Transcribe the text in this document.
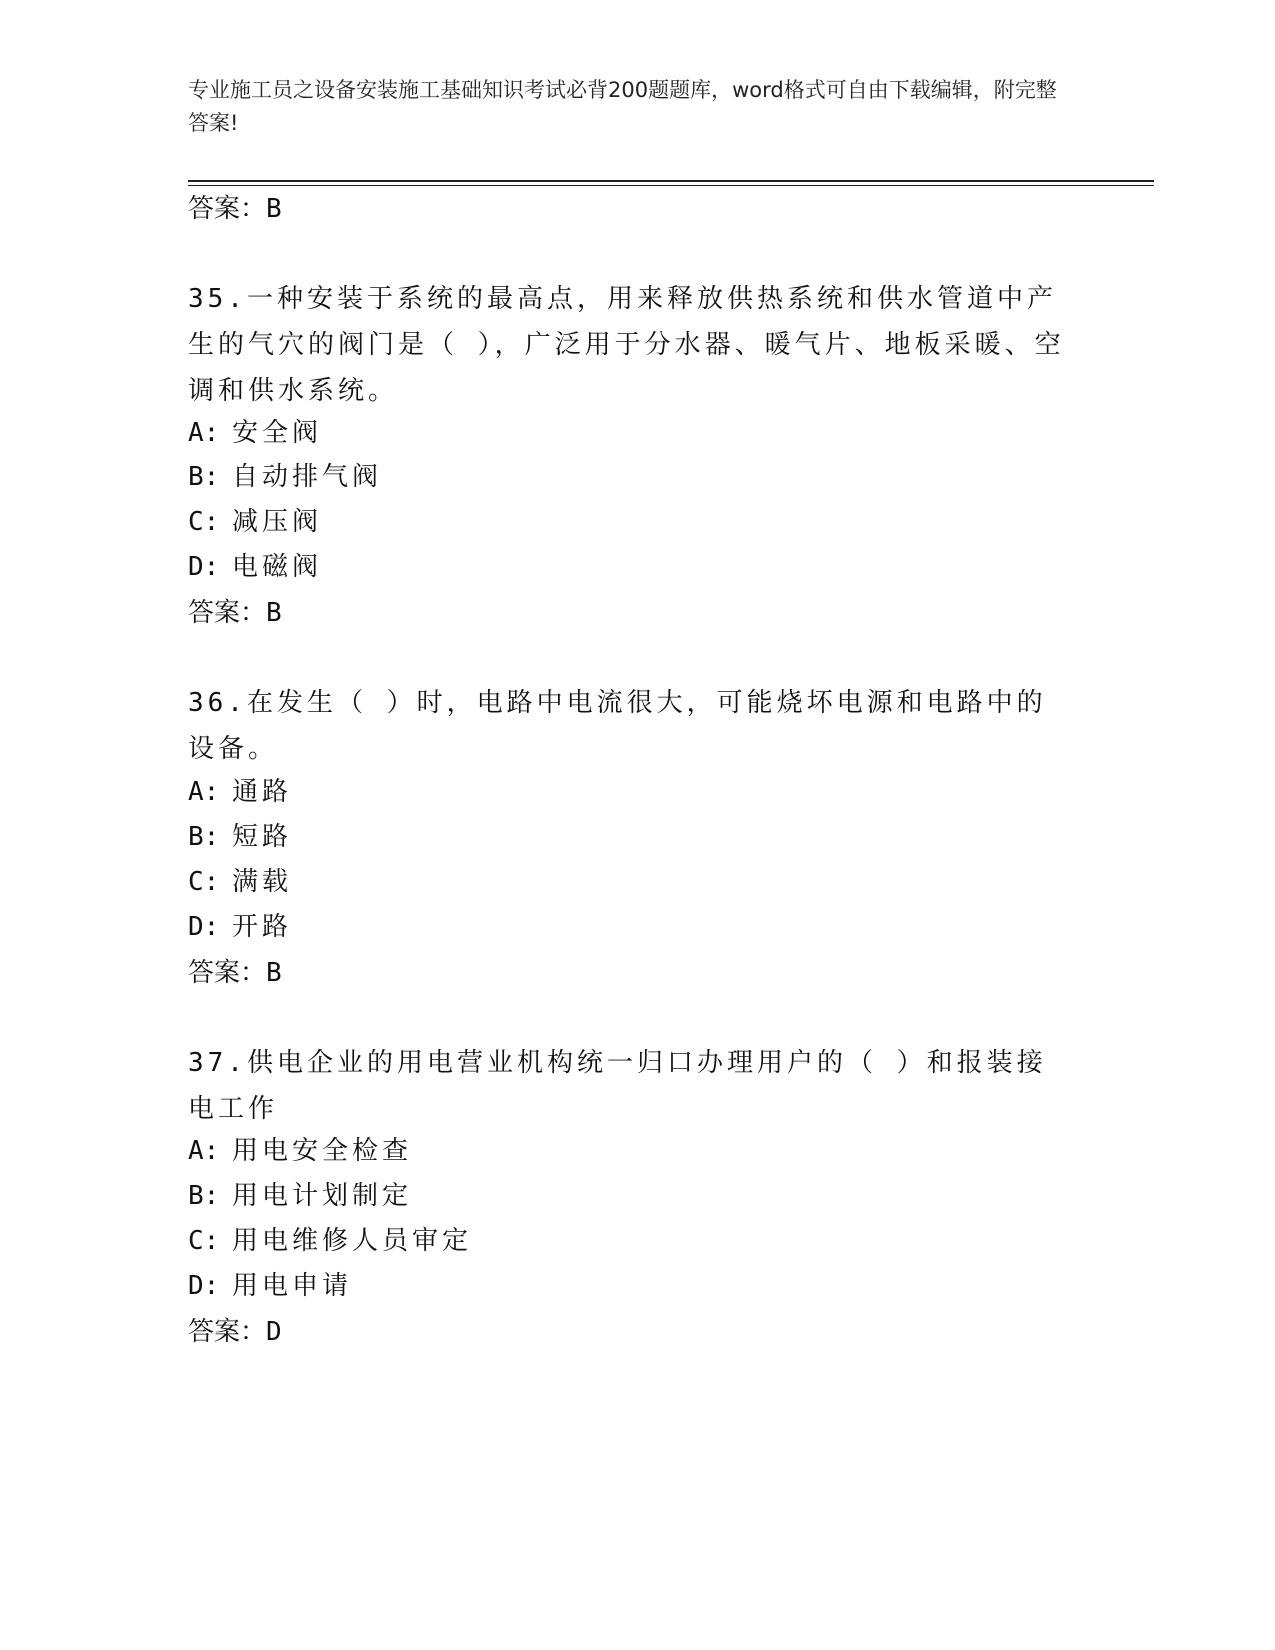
专业施工员之设备安装施工基础知识考试必背200题题库，word格式可自由下载编辑，附完整答案!
答案：B
35.一种安装于系统的最高点，用来释放供热系统和供水管道中产生的气穴的阀门是（ ），广泛用于分水器、暖气片、地板采暖、空调和供水系统。
A: 安全阀
B: 自动排气阀
C: 减压阀
D: 电磁阀
答案：B
36.在发生（ ）时，电路中电流很大，可能烧坏电源和电路中的设备。
A: 通路
B: 短路
C: 满载
D: 开路
答案：B
37.供电企业的用电营业机构统一归口办理用户的（ ）和报装接电工作
A: 用电安全检查
B: 用电计划制定
C: 用电维修人员审定
D: 用电申请
答案：D
